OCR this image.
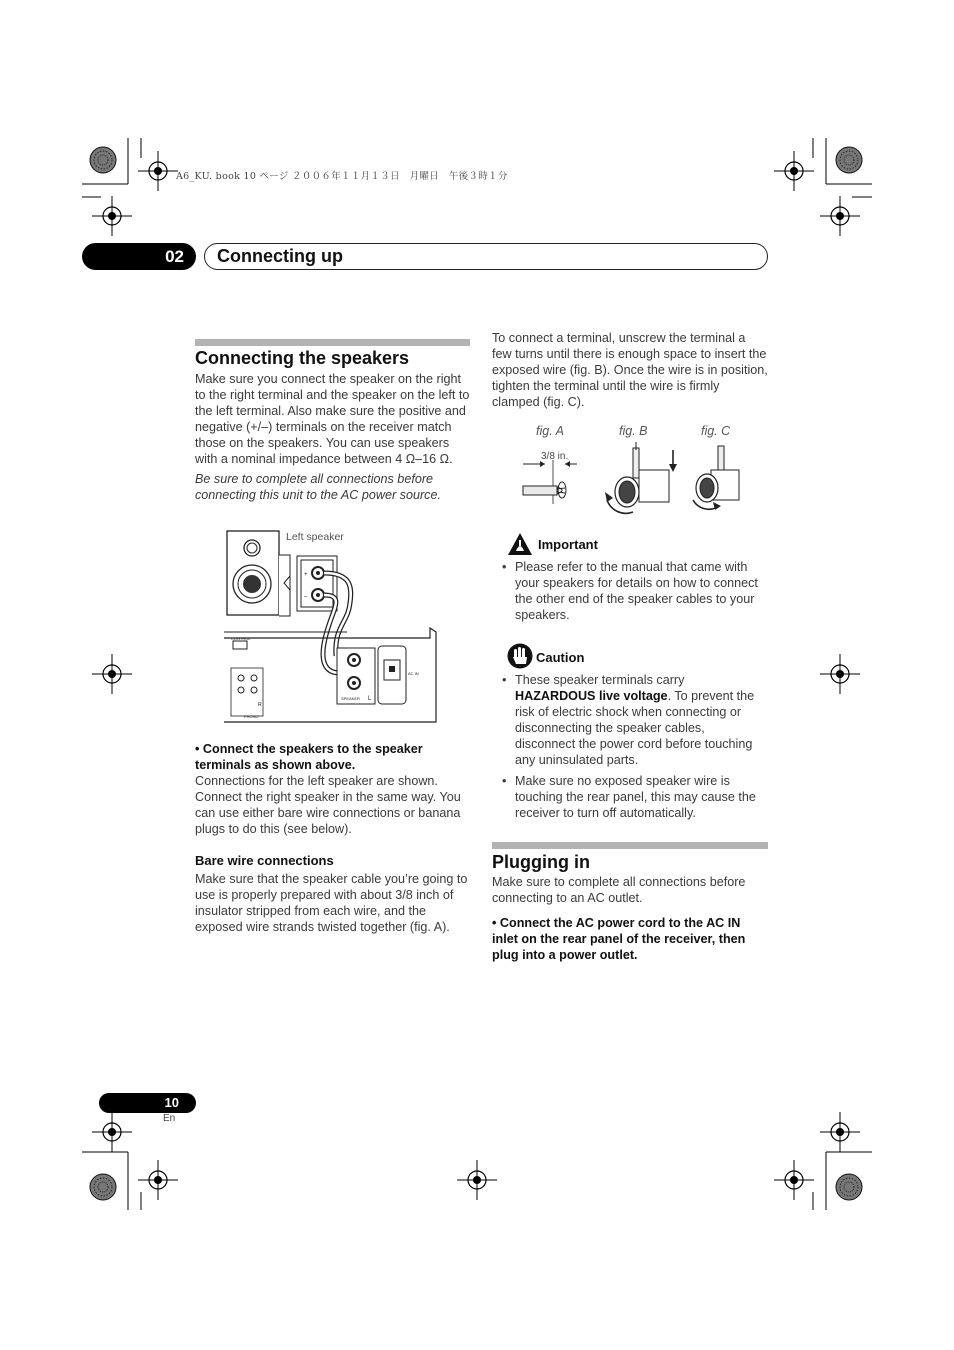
A6_KU. book 10 ページ ２００６年１１月１３日　月曜日　午後３時１分
02	Connecting up
Connecting the speakers

Make sure you connect the speaker on the right to the right terminal and the speaker on the left to the left terminal. Also make sure the positive and negative (+/–) terminals on the receiver match those on the speakers. You can use speakers with a nominal impedance between 4 Ω–16 Ω.

Be sure to complete all connections before connecting this unit to the AC power source.

+
–
CONTROL
PHONO
SPEAKER
AC IN
L
R
Left speaker

• Connect the speakers to the speaker terminals as shown above.

Connections for the left speaker are shown. Connect the right speaker in the same way. You can use either bare wire connections or banana plugs to do this (see below).

Bare wire connections
Make sure that the speaker cable you’re going to use is properly prepared with about 3/8 inch of insulator stripped from each wire, and the exposed wire strands twisted together (fig. A).
To connect a terminal, unscrew the terminal a few turns until there is enough space to insert the exposed wire (fig. B). Once the wire is in position, tighten the terminal until the wire is firmly clamped (fig. C).
fig. A	fig. B	fig. C
3/8 in.
Important
• Please refer to the manual that came with your speakers for details on how to connect the other end of the speaker cables to your speakers.
Caution
• These speaker terminals carry HAZARDOUS live voltage. To prevent the risk of electric shock when connecting or disconnecting the speaker cables, disconnect the power cord before touching any uninsulated parts.
• Make sure no exposed speaker wire is touching the rear panel, this may cause the receiver to turn off automatically.
Plugging in

Make sure to complete all connections before connecting to an AC outlet.

• Connect the AC power cord to the AC IN inlet on the rear panel of the receiver, then plug into a power outlet.

10
En
